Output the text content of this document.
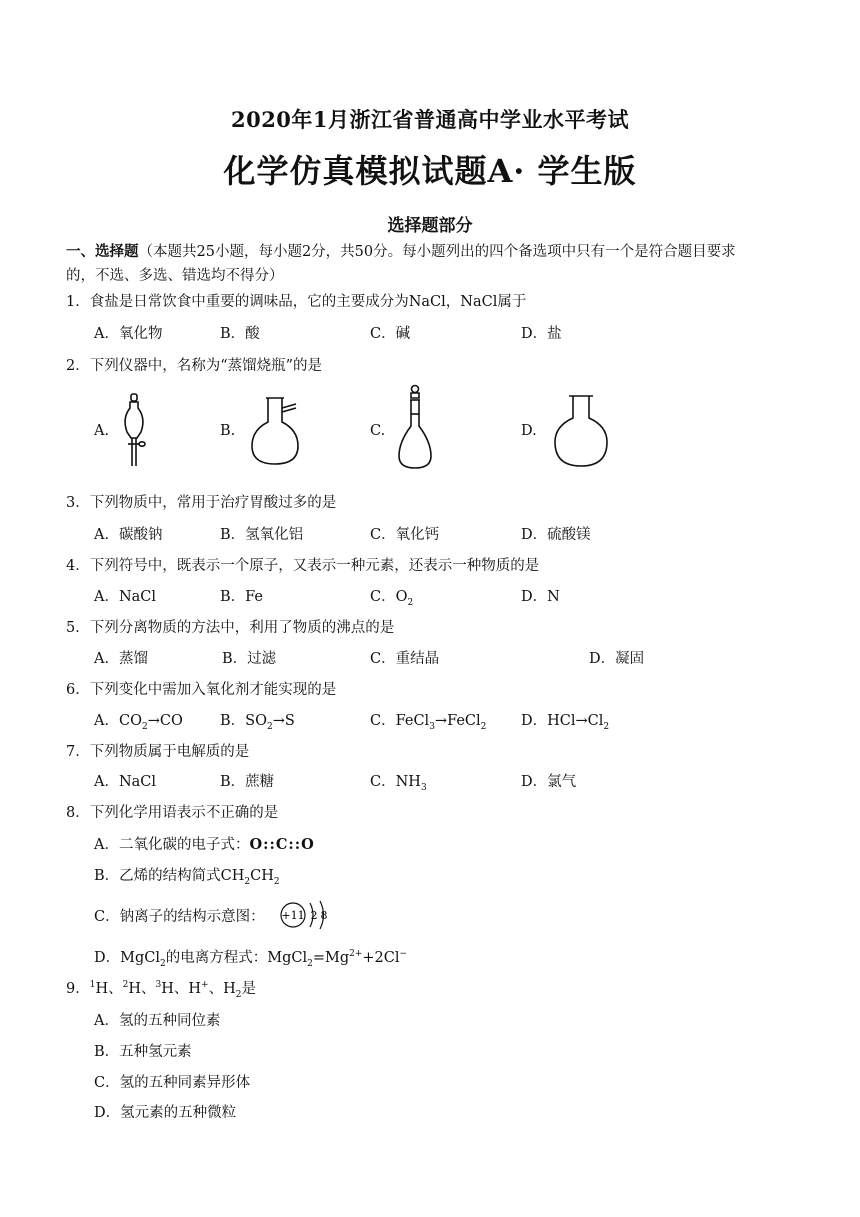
2020年1月浙江省普通高中学业水平考试
化学仿真模拟试题A· 学生版
选择题部分
一、选择题（本题共25小题，每小题2分，共50分。每小题列出的四个备选项中只有一个是符合题目要求
的，不选、多选、错选均不得分）
1．食盐是日常饮食中重要的调味品，它的主要成分为NaCl，NaCl属于
A．氧化物	B．酸	C．碱	D．盐
2．下列仪器中，名称为“蒸馏烧瓶”的是
A.	B.	C.	D.
3．下列物质中，常用于治疗胃酸过多的是
A．碳酸钠	B．氢氧化铝	C．氧化钙	D．硫酸镁
4．下列符号中，既表示一个原子，又表示一种元素，还表示一种物质的是
A．NaCl	B．Fe	C．$O_2$	D．N
5．下列分离物质的方法中，利用了物质的沸点的是
A．蒸馏	B．过滤	C．重结晶	D．凝固
6．下列变化中需加入氧化剂才能实现的是
A．$CO_2\to CO$	B．$SO_2\to S$	C．FeCl$_3$→FeCl$_2$ D．$HCl\to Cl_2$
7．下列物质属于电解质的是
A．NaCl	B．蔗糖	C．$NH_3$	D．氯气
8．下列化学用语表示不正确的是
A．二氧化碳的电子式：O::C::O
B．乙烯的结构简式$CH_2CH_2$
C．钠离子的结构示意图： +11 2 8
D．MgCl$_2$的电离方程式：$MgCl_2=Mg^{2+}+2Cl^-$
9．$^1$H、$^2$H、$^3$H、H+、$H_2$是
A．氢的五种同位素
B．五种氢元素
C．氢的五种同素异形体
D．氢元素的五种微粒
